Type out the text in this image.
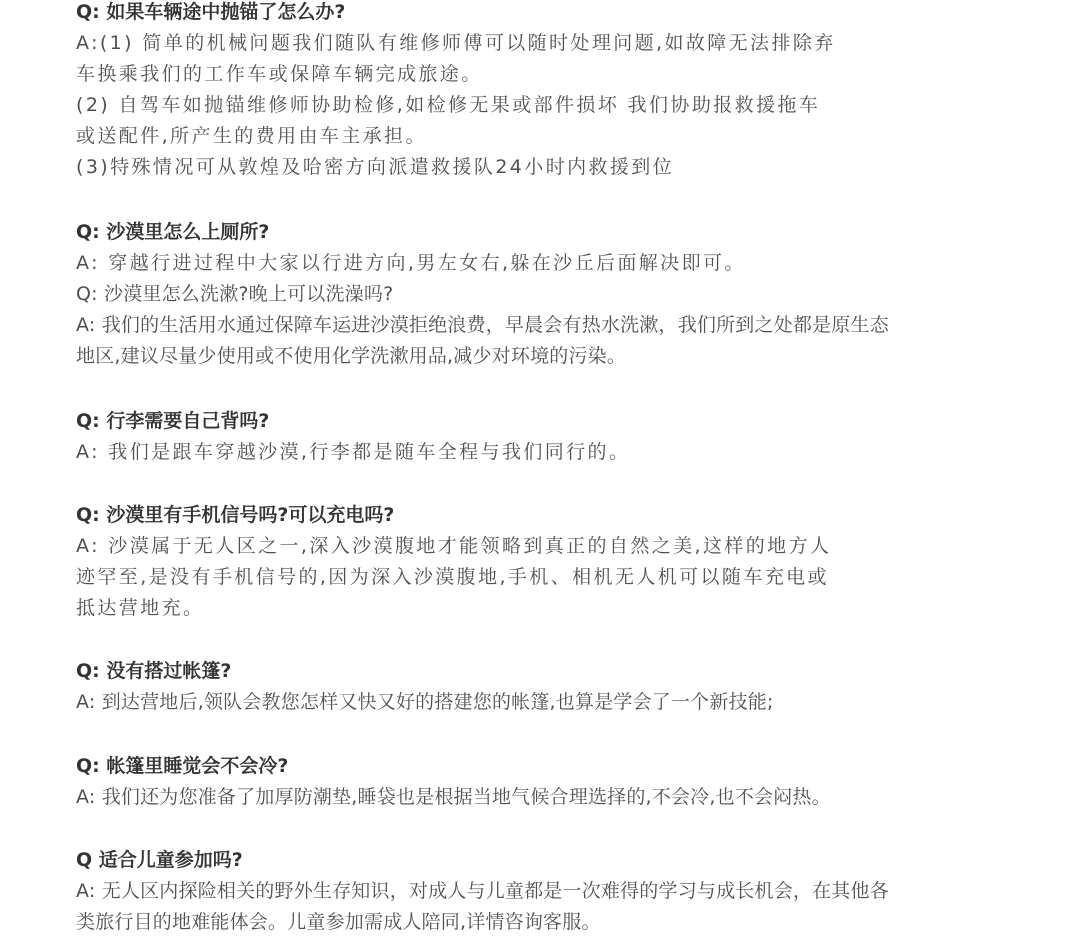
Q: 如果车辆途中抛锚了怎么办?
A:(1) 简单的机械问题我们随队有维修师傅可以随时处理问题,如故障无法排除弃
车换乘我们的工作车或保障车辆完成旅途。
(2) 自驾车如抛锚维修师协助检修,如检修无果或部件损坏 我们协助报救援拖车
或送配件,所产生的费用由车主承担。
(3)特殊情况可从敦煌及哈密方向派遣救援队24小时内救援到位
Q: 沙漠里怎么上厕所?
A: 穿越行进过程中大家以行进方向,男左女右,躲在沙丘后面解决即可。
Q: 沙漠里怎么洗漱?晚上可以洗澡吗?
A: 我们的生活用水通过保障车运进沙漠拒绝浪费，早晨会有热水洗漱，我们所到之处都是原生态
地区,建议尽量少使用或不使用化学洗漱用品,减少对环境的污染。
Q: 行李需要自己背吗?
A: 我们是跟车穿越沙漠,行李都是随车全程与我们同行的。
Q: 沙漠里有手机信号吗?可以充电吗?
A: 沙漠属于无人区之一,深入沙漠腹地才能领略到真正的自然之美,这样的地方人
迹罕至,是没有手机信号的,因为深入沙漠腹地,手机、相机无人机可以随车充电或
抵达营地充。
Q: 没有搭过帐篷?
A: 到达营地后,领队会教您怎样又快又好的搭建您的帐篷,也算是学会了一个新技能;
Q: 帐篷里睡觉会不会冷?
A: 我们还为您准备了加厚防潮垫,睡袋也是根据当地气候合理选择的,不会冷,也不会闷热。
Q 适合儿童参加吗?
A: 无人区内探险相关的野外生存知识，对成人与儿童都是一次难得的学习与成长机会，在其他各
类旅行目的地难能体会。儿童参加需成人陪同,详情咨询客服。
